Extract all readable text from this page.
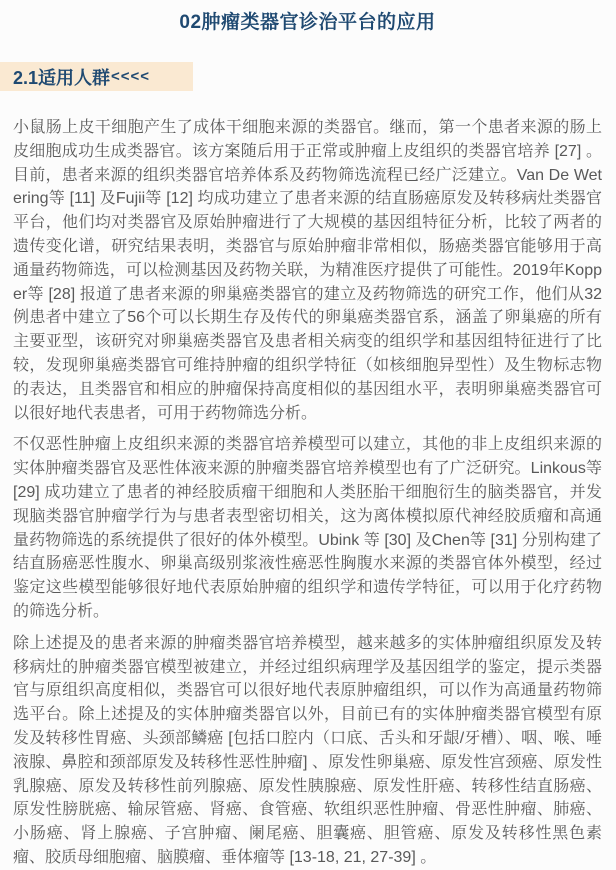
02肿瘤类器官诊治平台的应用
2.1适用人群 <<<<

小鼠肠上皮干细胞产生了成体干细胞来源的类器官。继而，第一个患者来源的肠上皮细胞成功生成类器官。该方案随后用于正常或肿瘤上皮组织的类器官培养 [27] 。目前，患者来源的组织类器官培养体系及药物筛选流程已经广泛建立。Van De Wetering等 [11] 及Fujii等 [12] 均成功建立了患者来源的结直肠癌原发及转移病灶类器官平台，他们均对类器官及原始肿瘤进行了大规模的基因组特征分析，比较了两者的遗传变化谱，研究结果表明，类器官与原始肿瘤非常相似，肠癌类器官能够用于高通量药物筛选，可以检测基因及药物关联，为精准医疗提供了可能性。2019年Kopper等 [28] 报道了患者来源的卵巢癌类器官的建立及药物筛选的研究工作，他们从32例患者中建立了56个可以长期生存及传代的卵巢癌类器官系，涵盖了卵巢癌的所有主要亚型，该研究对卵巢癌类器官及患者相关病变的组织学和基因组特征进行了比较，发现卵巢癌类器官可维持肿瘤的组织学特征（如核细胞异型性）及生物标志物的表达，且类器官和相应的肿瘤保持高度相似的基因组水平，表明卵巢癌类器官可以很好地代表患者，可用于药物筛选分析。

不仅恶性肿瘤上皮组织来源的类器官培养模型可以建立，其他的非上皮组织来源的实体肿瘤类器官及恶性体液来源的肿瘤类器官培养模型也有了广泛研究。Linkous等 [29] 成功建立了患者的神经胶质瘤干细胞和人类胚胎干细胞衍生的脑类器官，并发现脑类器官肿瘤学行为与患者表型密切相关，这为离体模拟原代神经胶质瘤和高通量药物筛选的系统提供了很好的体外模型。Ubink 等 [30] 及Chen等 [31] 分别构建了结直肠癌恶性腹水、卵巢高级别浆液性癌恶性胸腹水来源的类器官体外模型，经过鉴定这些模型能够很好地代表原始肿瘤的组织学和遗传学特征，可以用于化疗药物的筛选分析。

除上述提及的患者来源的肿瘤类器官培养模型，越来越多的实体肿瘤组织原发及转移病灶的肿瘤类器官模型被建立，并经过组织病理学及基因组学的鉴定，提示类器官与原组织高度相似，类器官可以很好地代表原肿瘤组织，可以作为高通量药物筛选平台。除上述提及的实体肿瘤类器官以外，目前已有的实体肿瘤类器官模型有原发及转移性胃癌、头颈部鳞癌 [包括口腔内（口底、舌头和牙龈/牙槽）、咽、喉、唾液腺、鼻腔和颈部原发及转移性恶性肿瘤] 、原发性卵巢癌、原发性宫颈癌、原发性乳腺癌、原发及转移性前列腺癌、原发性胰腺癌、原发性肝癌、转移性结直肠癌、原发性膀胱癌、输尿管癌、肾癌、食管癌、软组织恶性肿瘤、骨恶性肿瘤、肺癌、小肠癌、肾上腺癌、子宫肿瘤、阑尾癌、胆囊癌、胆管癌、原发及转移性黑色素瘤、胶质母细胞瘤、脑膜瘤、垂体瘤等 [13-18, 21, 27-39] 。
